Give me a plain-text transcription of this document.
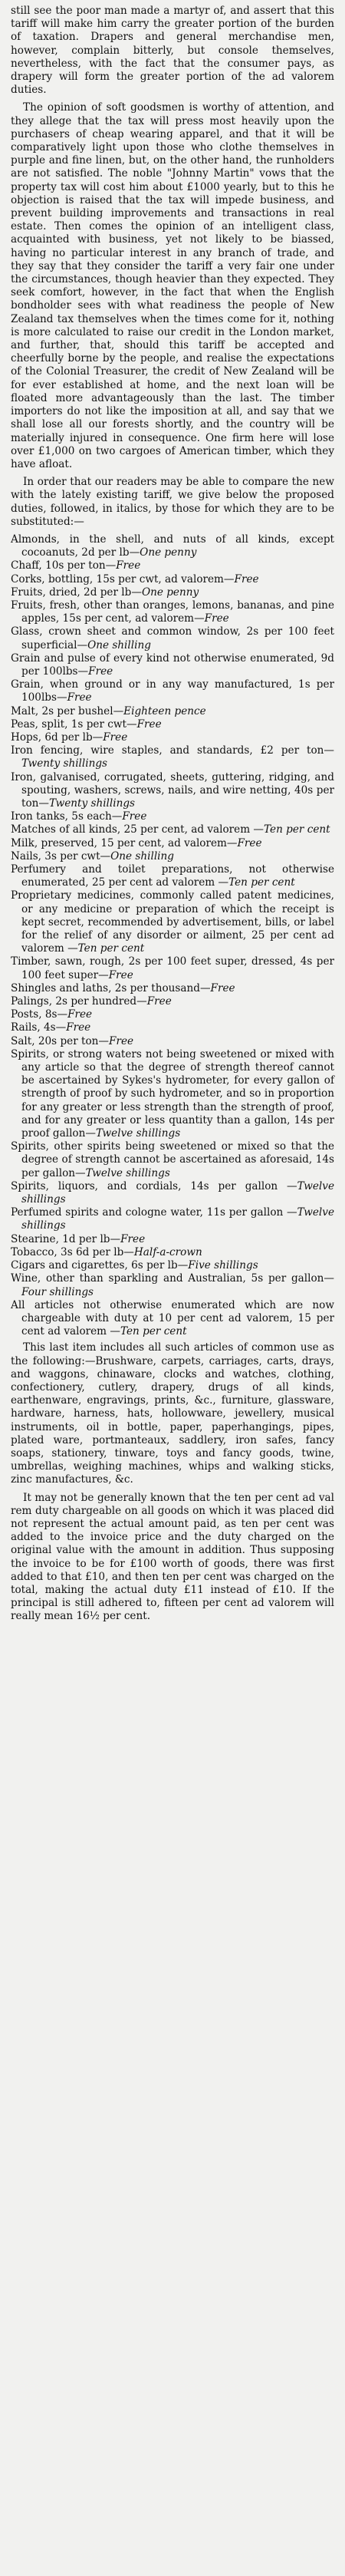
still see the poor man made a martyr of, and assert that this tariff will make him carry the greater portion of the burden of taxation. Drapers and general merchandise men, however, complain bitterly, but console themselves, nevertheless, with the fact that the consumer pays, as drapery will form the greater portion of the ad valorem duties.

The opinion of soft goodsmen is worthy of attention, and they allege that the tax will press most heavily upon the purchasers of cheap wearing apparel, and that it will be comparatively light upon those who clothe themselves in purple and fine linen, but, on the other hand, the runholders are not satisfied. The noble "Johnny Martin" vows that the property tax will cost him about £1000 yearly, but to this he objection is raised that the tax will impede business, and prevent building improvements and transactions in real estate. Then comes the opinion of an intelligent class, acquainted with business, yet not likely to be biassed, having no particular interest in any branch of trade, and they say that they consider the tariff a very fair one under the circumstances, though heavier than they expected. They seek comfort, however, in the fact that when the English bondholder sees with what readiness the people of New Zealand tax themselves when the times come for it, nothing is more calculated to raise our credit in the London market, and further, that, should this tariff be accepted and cheerfully borne by the people, and realise the expectations of the Colonial Treasurer, the credit of New Zealand will be for ever established at home, and the next loan will be floated more advantageously than the last. The timber importers do not like the imposition at all, and say that we shall lose all our forests shortly, and the country will be materially injured in consequence. One firm here will lose over £1,000 on two cargoes of American timber, which they have afloat.

In order that our readers may be able to compare the new with the lately existing tariff, we give below the proposed duties, followed, in italics, by those for which they are to be substituted:—

Almonds, in the shell, and nuts of all kinds, except cocoanuts, 2d per lb—One penny

Chaff, 10s per ton—Free

Corks, bottling, 15s per cwt, ad valorem—Free

Fruits, dried, 2d per lb—One penny

Fruits, fresh, other than oranges, lemons, bananas, and pine apples, 15s per cent, ad valorem—Free

Glass, crown sheet and common window, 2s per 100 feet superficial—One shilling

Grain and pulse of every kind not otherwise enumerated, 9d per 100lbs—Free

Grain, when ground or in any way manufactured, 1s per 100lbs—Free

Malt, 2s per bushel—Eighteen pence

Peas, split, 1s per cwt—Free

Hops, 6d per lb—Free

Iron fencing, wire staples, and standards, £2 per ton—Twenty shillings

Iron, galvanised, corrugated, sheets, guttering, ridging, and spouting, washers, screws, nails, and wire netting, 40s per ton—Twenty shillings

Iron tanks, 5s each—Free

Matches of all kinds, 25 per cent, ad valorem —Ten per cent

Milk, preserved, 15 per cent, ad valorem—Free

Nails, 3s per cwt—One shilling

Perfumery and toilet preparations, not otherwise enumerated, 25 per cent ad valorem —Ten per cent

Proprietary medicines, commonly called patent medicines, or any medicine or preparation of which the receipt is kept secret, recommended by advertisement, bills, or label for the relief of any disorder or ailment, 25 per cent ad valorem —Ten per cent

Timber, sawn, rough, 2s per 100 feet super, dressed, 4s per 100 feet super—Free

Shingles and laths, 2s per thousand—Free

Palings, 2s per hundred—Free

Posts, 8s—Free

Rails, 4s—Free

Salt, 20s per ton—Free

Spirits, or strong waters not being sweetened or mixed with any article so that the degree of strength thereof cannot be ascertained by Sykes's hydrometer, for every gallon of strength of proof by such hydrometer, and so in proportion for any greater or less strength than the strength of proof, and for any greater or less quantity than a gallon, 14s per proof gallon—Twelve shillings

Spirits, other spirits being sweetened or mixed so that the degree of strength cannot be ascertained as aforesaid, 14s per gallon—Twelve shillings

Spirits, liquors, and cordials, 14s per gallon —Twelve shillings

Perfumed spirits and cologne water, 11s per gallon —Twelve shillings

Stearine, 1d per lb—Free

Tobacco, 3s 6d per lb—Half-a-crown

Cigars and cigarettes, 6s per lb—Five shillings

Wine, other than sparkling and Australian, 5s per gallon—Four shillings

All articles not otherwise enumerated which are now chargeable with duty at 10 per cent ad valorem, 15 per cent ad valorem —Ten per cent

This last item includes all such articles of common use as the following:—Brushware, carpets, carriages, carts, drays, and waggons, chinaware, clocks and watches, clothing, confectionery, cutlery, drapery, drugs of all kinds, earthenware, engravings, prints, &c., furniture, glassware, hardware, harness, hats, hollowware, jewellery, musical instruments, oil in bottle, paper, paperhangings, pipes, plated ware, portmanteaux, saddlery, iron safes, fancy soaps, stationery, tinware, toys and fancy goods, twine, umbrellas, weighing machines, whips and walking sticks, zinc manufactures, &c.

It may not be generally known that the ten per cent ad val rem duty chargeable on all goods on which it was placed did not represent the actual amount paid, as ten per cent was added to the invoice price and the duty charged on the original value with the amount in addition. Thus supposing the invoice to be for £100 worth of goods, there was first added to that £10, and then ten per cent was charged on the total, making the actual duty £11 instead of £10. If the principal is still adhered to, fifteen per cent ad valorem will really mean 16½ per cent.
